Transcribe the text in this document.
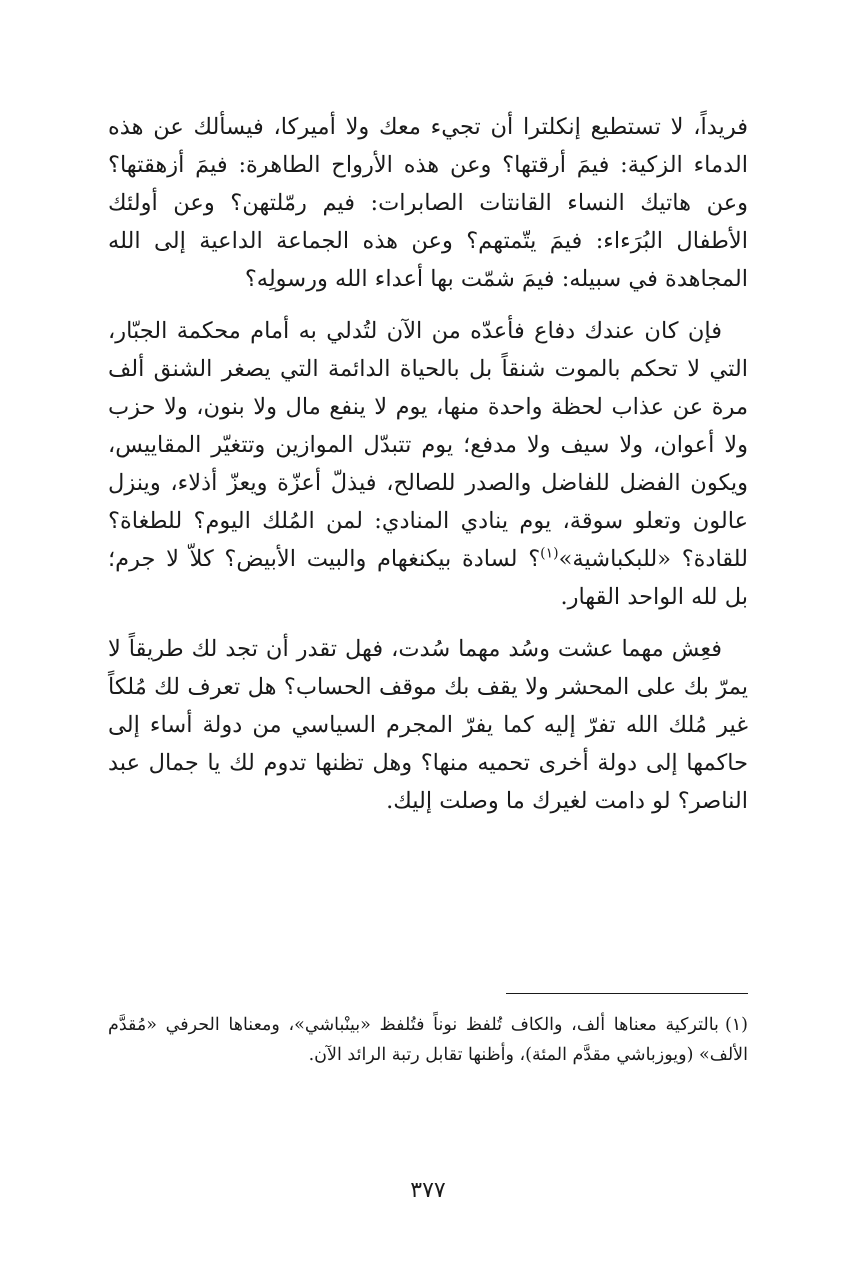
فريداً، لا تستطيع إنكلترا أن تجيء معك ولا أميركا، فيسألك عن هذه الدماء الزكية: فيمَ أرقتها؟ وعن هذه الأرواح الطاهرة: فيمَ أزهقتها؟ وعن هاتيك النساء القانتات الصابرات: فيم رمّلتهن؟ وعن أولئك الأطفال البُرَءاء: فيمَ يتّمتهم؟ وعن هذه الجماعة الداعية إلى الله المجاهدة في سبيله: فيمَ شمّت بها أعداء الله ورسولِه؟

فإن كان عندك دفاع فأعدّه من الآن لتُدلي به أمام محكمة الجبّار، التي لا تحكم بالموت شنقاً بل بالحياة الدائمة التي يصغر الشنق ألف مرة عن عذاب لحظة واحدة منها، يوم لا ينفع مال ولا بنون، ولا حزب ولا أعوان، ولا سيف ولا مدفع؛ يوم تتبدّل الموازين وتتغيّر المقاييس، ويكون الفضل للفاضل والصدر للصالح، فيذلّ أعزّة ويعزّ أذلاء، وينزل عالون وتعلو سوقة، يوم ينادي المنادي: لمن المُلك اليوم؟ للطغاة؟ للقادة؟ «للبكباشية»$^{(١)}$؟ لسادة بيكنغهام والبيت الأبيض؟ كلاّ لا جرم؛ بل لله الواحد القهار.

فعِش مهما عشت وسُد مهما سُدت، فهل تقدر أن تجد لك طريقاً لا يمرّ بك على المحشر ولا يقف بك موقف الحساب؟ هل تعرف لك مُلكاً غير مُلك الله تفرّ إليه كما يفرّ المجرم السياسي من دولة أساء إلى حاكمها إلى دولة أخرى تحميه منها؟ وهل تظنها تدوم لك يا جمال عبد الناصر؟ لو دامت لغيرك ما وصلت إليك.

(١)بالتركية معناها ألف، والكاف تُلفظ نوناً فتُلفظ «بينْباشي»، ومعناها الحرفي «مُقدَّم الألف» (ويوزباشي مقدَّم المئة)، وأظنها تقابل رتبة الرائد الآن.
٣٧٧
